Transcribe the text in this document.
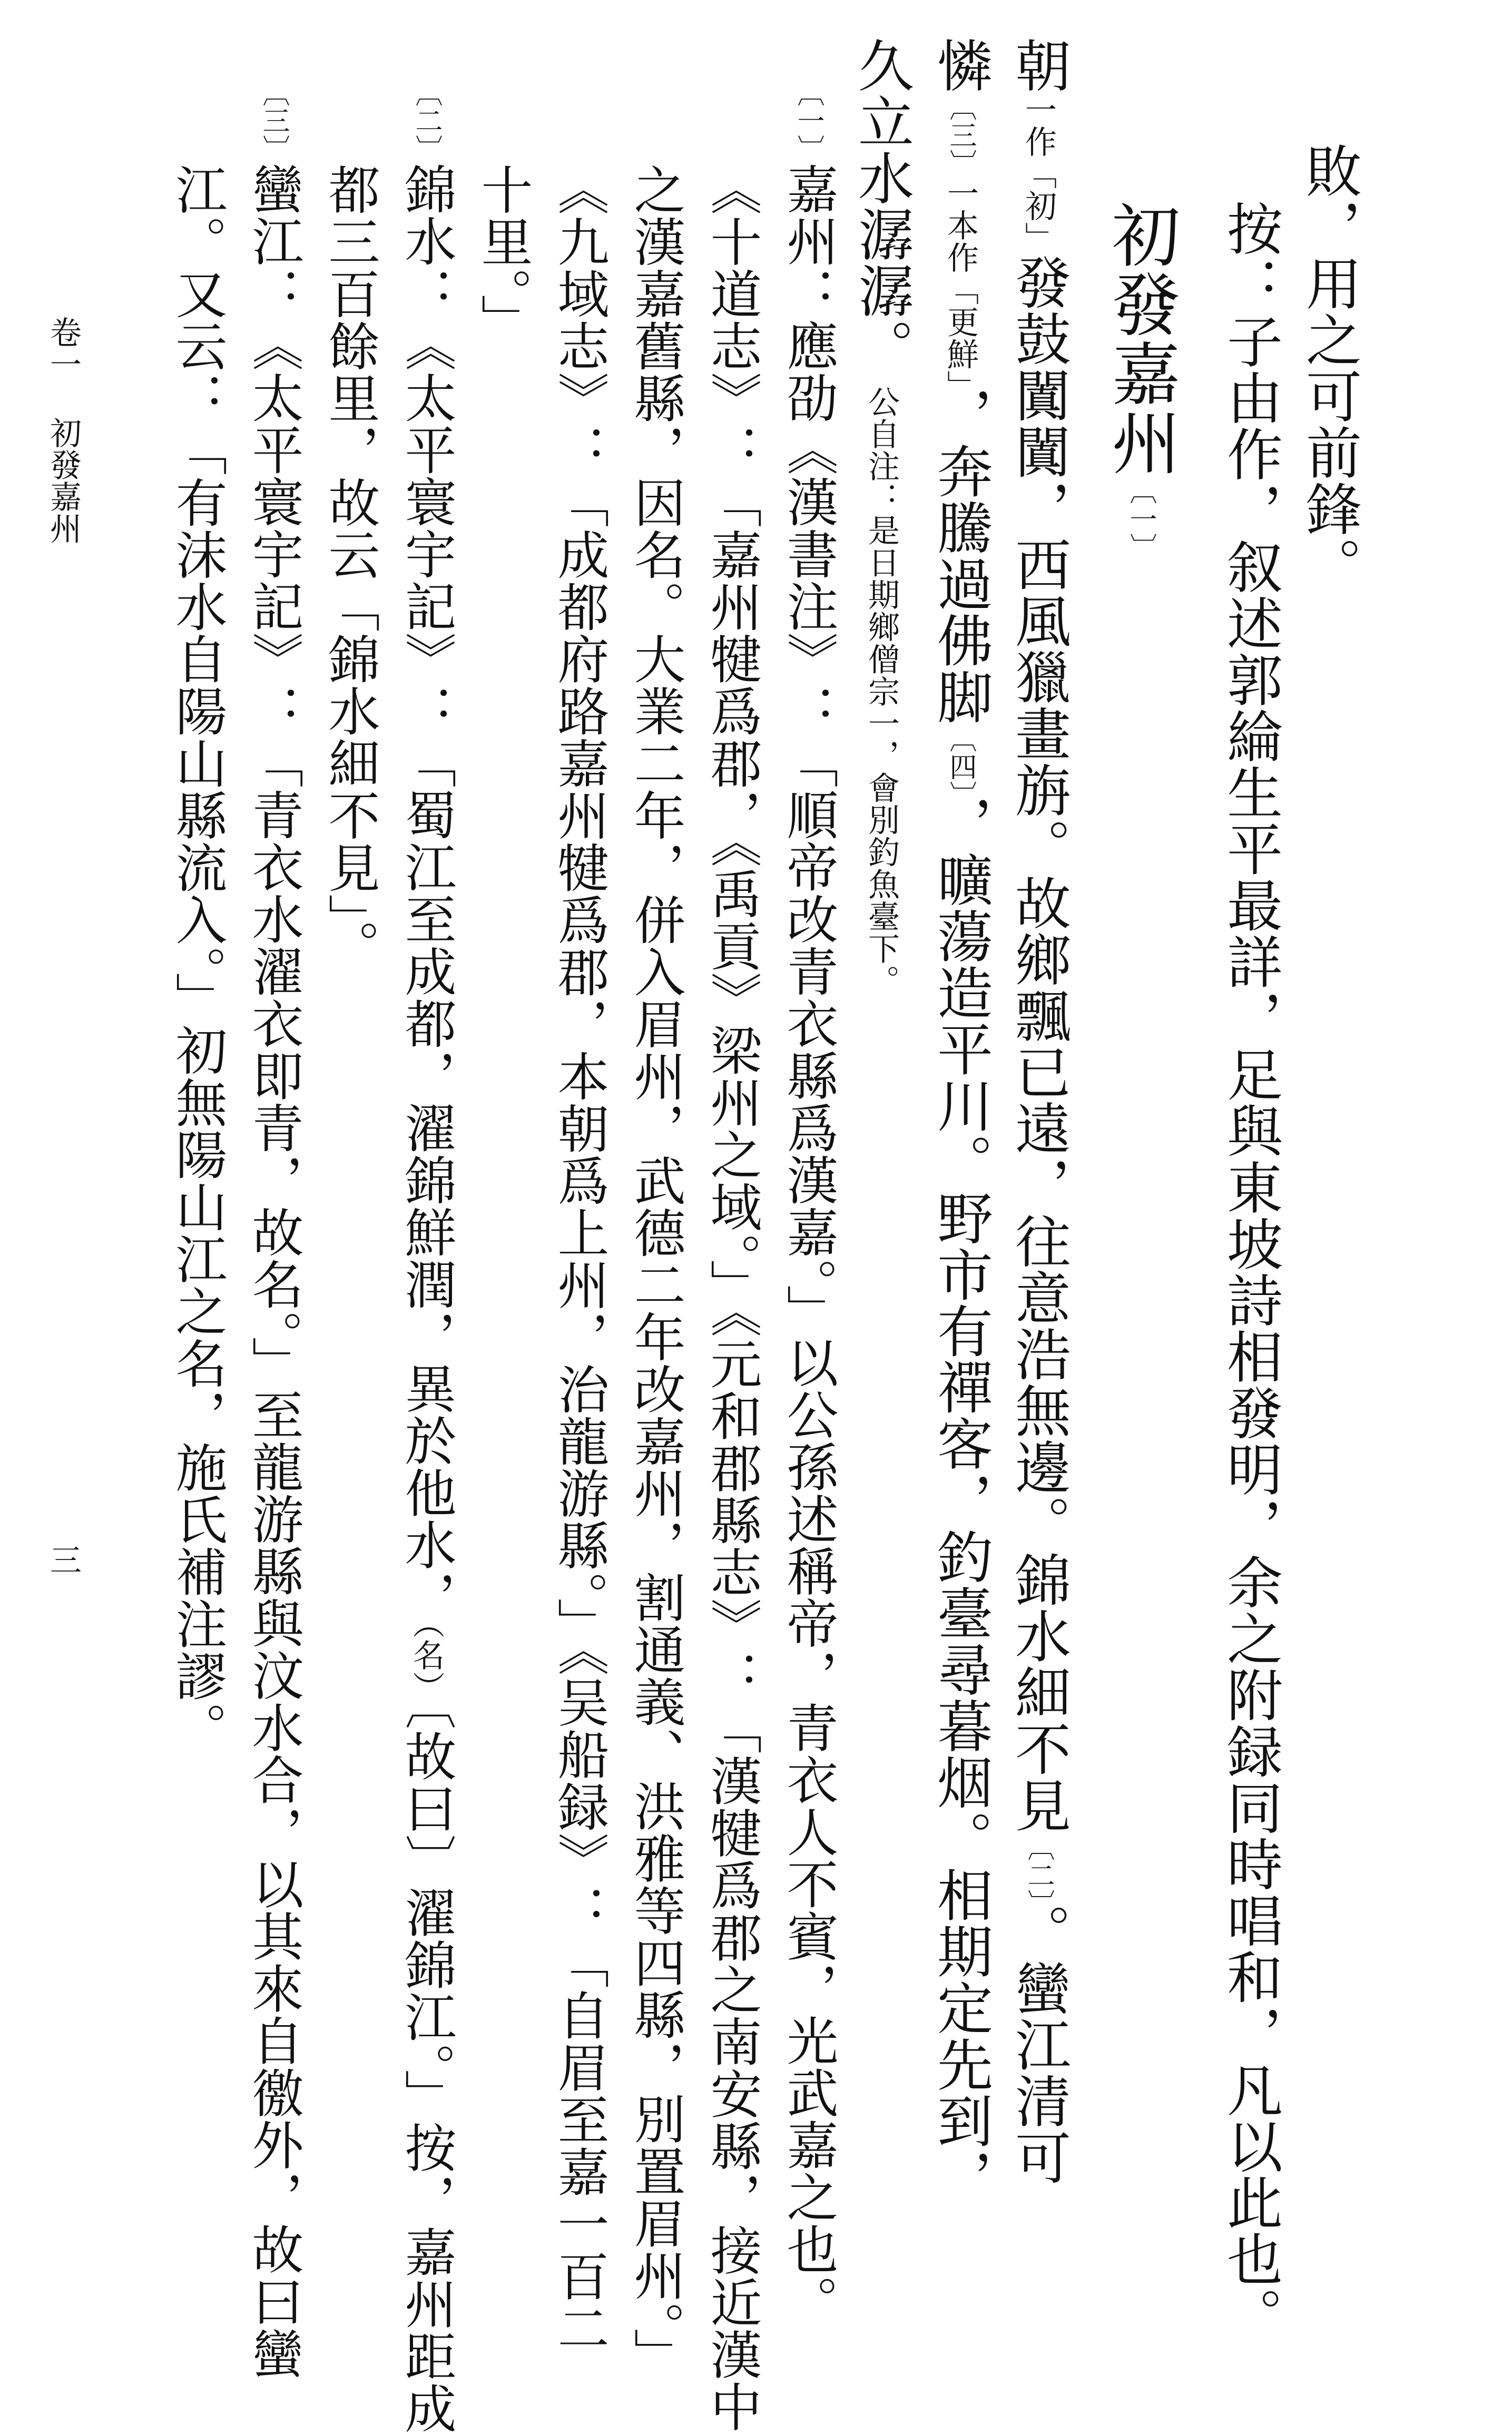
敗，用之可前鋒。
按：子由作，叙述郭綸生平最詳，足與東坡詩相發明，余之附録同時唱和，凡以此也。
初發嘉州〔一〕
朝一作「初」發鼓闐闐，西風獵畫旃。故鄉飄已遠，往意浩無邊。錦水細不見〔二〕。蠻江清可
憐〔三〕一本作「更鮮」，奔騰過佛脚〔四〕，曠蕩造平川。野市有禪客，釣臺尋暮烟。相期定先到，
久立水潺潺。公自注：是日期鄉僧宗一，會別釣魚臺下。
〔一〕嘉州：應劭《漢書注》：「順帝改青衣縣爲漢嘉。」以公孫述稱帝，青衣人不賓，光武嘉之也。
《十道志》：「嘉州犍爲郡，《禹貢》梁州之域。」《元和郡縣志》：「漢犍爲郡之南安縣，接近漢中
之漢嘉舊縣，因名。大業二年，併入眉州，武德二年改嘉州，割通義、洪雅等四縣，別置眉州。」
《九域志》：「成都府路嘉州犍爲郡，本朝爲上州，治龍游縣。」《吴船録》：「自眉至嘉一百二
十里。」
〔二〕錦水：《太平寰宇記》：「蜀江至成都，濯錦鮮潤，異於他水，（名）〔故曰〕濯錦江。」按，嘉州距成
都三百餘里，故云「錦水細不見」。
〔三〕蠻江：《太平寰宇記》：「青衣水濯衣即青，故名。」至龍游縣與汶水合，以其來自徼外，故曰蠻
江。又云：「有沫水自陽山縣流入。」初無陽山江之名，施氏補注謬。
卷一初發嘉州
三
